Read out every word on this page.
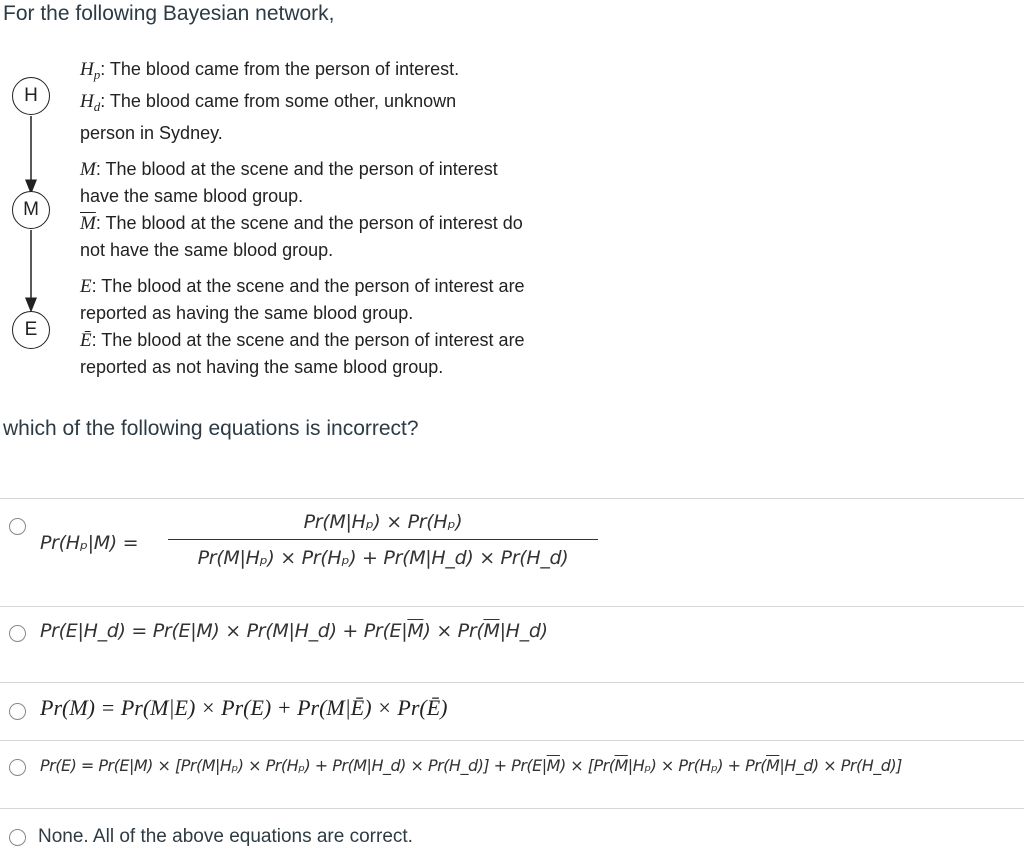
For the following Bayesian network,
H
M
E
$H_p$: The blood came from the person of interest.
$H_d$: The blood came from some other, unknown
person in Sydney.
M: The blood at the scene and the person of interest
have the same blood group.
$\overline{M}$: The blood at the scene and the person of interest do
not have the same blood group.
E: The blood at the scene and the person of interest are
reported as having the same blood group.
Ē: The blood at the scene and the person of interest are
reported as not having the same blood group.
which of the following equations is incorrect?
Pr(Hₚ|M) =
Pr(M|Hₚ) × Pr(Hₚ)
Pr(M|Hₚ) × Pr(Hₚ) + Pr(M|H_d) × Pr(H_d)
Pr(E|H_d) = Pr(E|M) × Pr(M|H_d) + $Pr(E|\overline{M})$ × $Pr(\overline{M}|H\_d)$
Pr(M) = Pr(M|E) × Pr(E) + Pr(M|Ē) × Pr(Ē)
Pr(E) = Pr(E|M) × [Pr(M|Hₚ) × Pr(Hₚ) + Pr(M|H_d) × Pr(H_d)] + $Pr(E|\overline{M}) \times [Pr(\overline{M}|H_p) \times Pr(H_p)$ + $Pr(\overline{M}|H\_d)$ × Pr(H_d)]
None. All of the above equations are correct.
